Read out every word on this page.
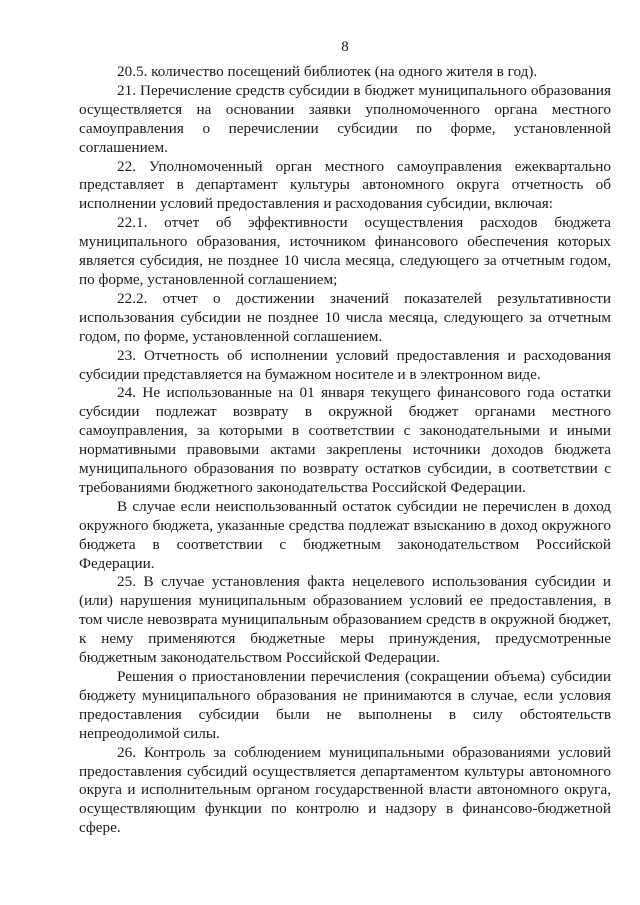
8

20.5. количество посещений библиотек (на одного жителя в год).

21. Перечисление средств субсидии в бюджет муниципального образования осуществляется на основании заявки уполномоченного органа местного самоуправления о перечислении субсидии по форме, установленной соглашением.

22. Уполномоченный орган местного самоуправления ежеквартально представляет в департамент культуры автономного округа отчетность об исполнении условий предоставления и расходования субсидии, включая:

22.1. отчет об эффективности осуществления расходов бюджета муниципального образования, источником финансового обеспечения которых является субсидия, не позднее 10 числа месяца, следующего за отчетным годом, по форме, установленной соглашением;

22.2. отчет о достижении значений показателей результативности использования субсидии не позднее 10 числа месяца, следующего за отчетным годом, по форме, установленной соглашением.

23. Отчетность об исполнении условий предоставления и расходования субсидии представляется на бумажном носителе и в электронном виде.

24. Не использованные на 01 января текущего финансового года остатки субсидии подлежат возврату в окружной бюджет органами местного самоуправления, за которыми в соответствии с законодательными и иными нормативными правовыми актами закреплены источники доходов бюджета муниципального образования по возврату остатков субсидии, в соответствии с требованиями бюджетного законодательства Российской Федерации.

В случае если неиспользованный остаток субсидии не перечислен в доход окружного бюджета, указанные средства подлежат взысканию в доход окружного бюджета в соответствии с бюджетным законодательством Российской Федерации.

25. В случае установления факта нецелевого использования субсидии и (или) нарушения муниципальным образованием условий ее предоставления, в том числе невозврата муниципальным образованием средств в окружной бюджет, к нему применяются бюджетные меры принуждения, предусмотренные бюджетным законодательством Российской Федерации.

Решения о приостановлении перечисления (сокращении объема) субсидии бюджету муниципального образования не принимаются в случае, если условия предоставления субсидии были не выполнены в силу обстоятельств непреодолимой силы.

26. Контроль за соблюдением муниципальными образованиями условий предоставления субсидий осуществляется департаментом культуры автономного округа и исполнительным органом государственной власти автономного округа, осуществляющим функции по контролю и надзору в финансово-бюджетной сфере.
